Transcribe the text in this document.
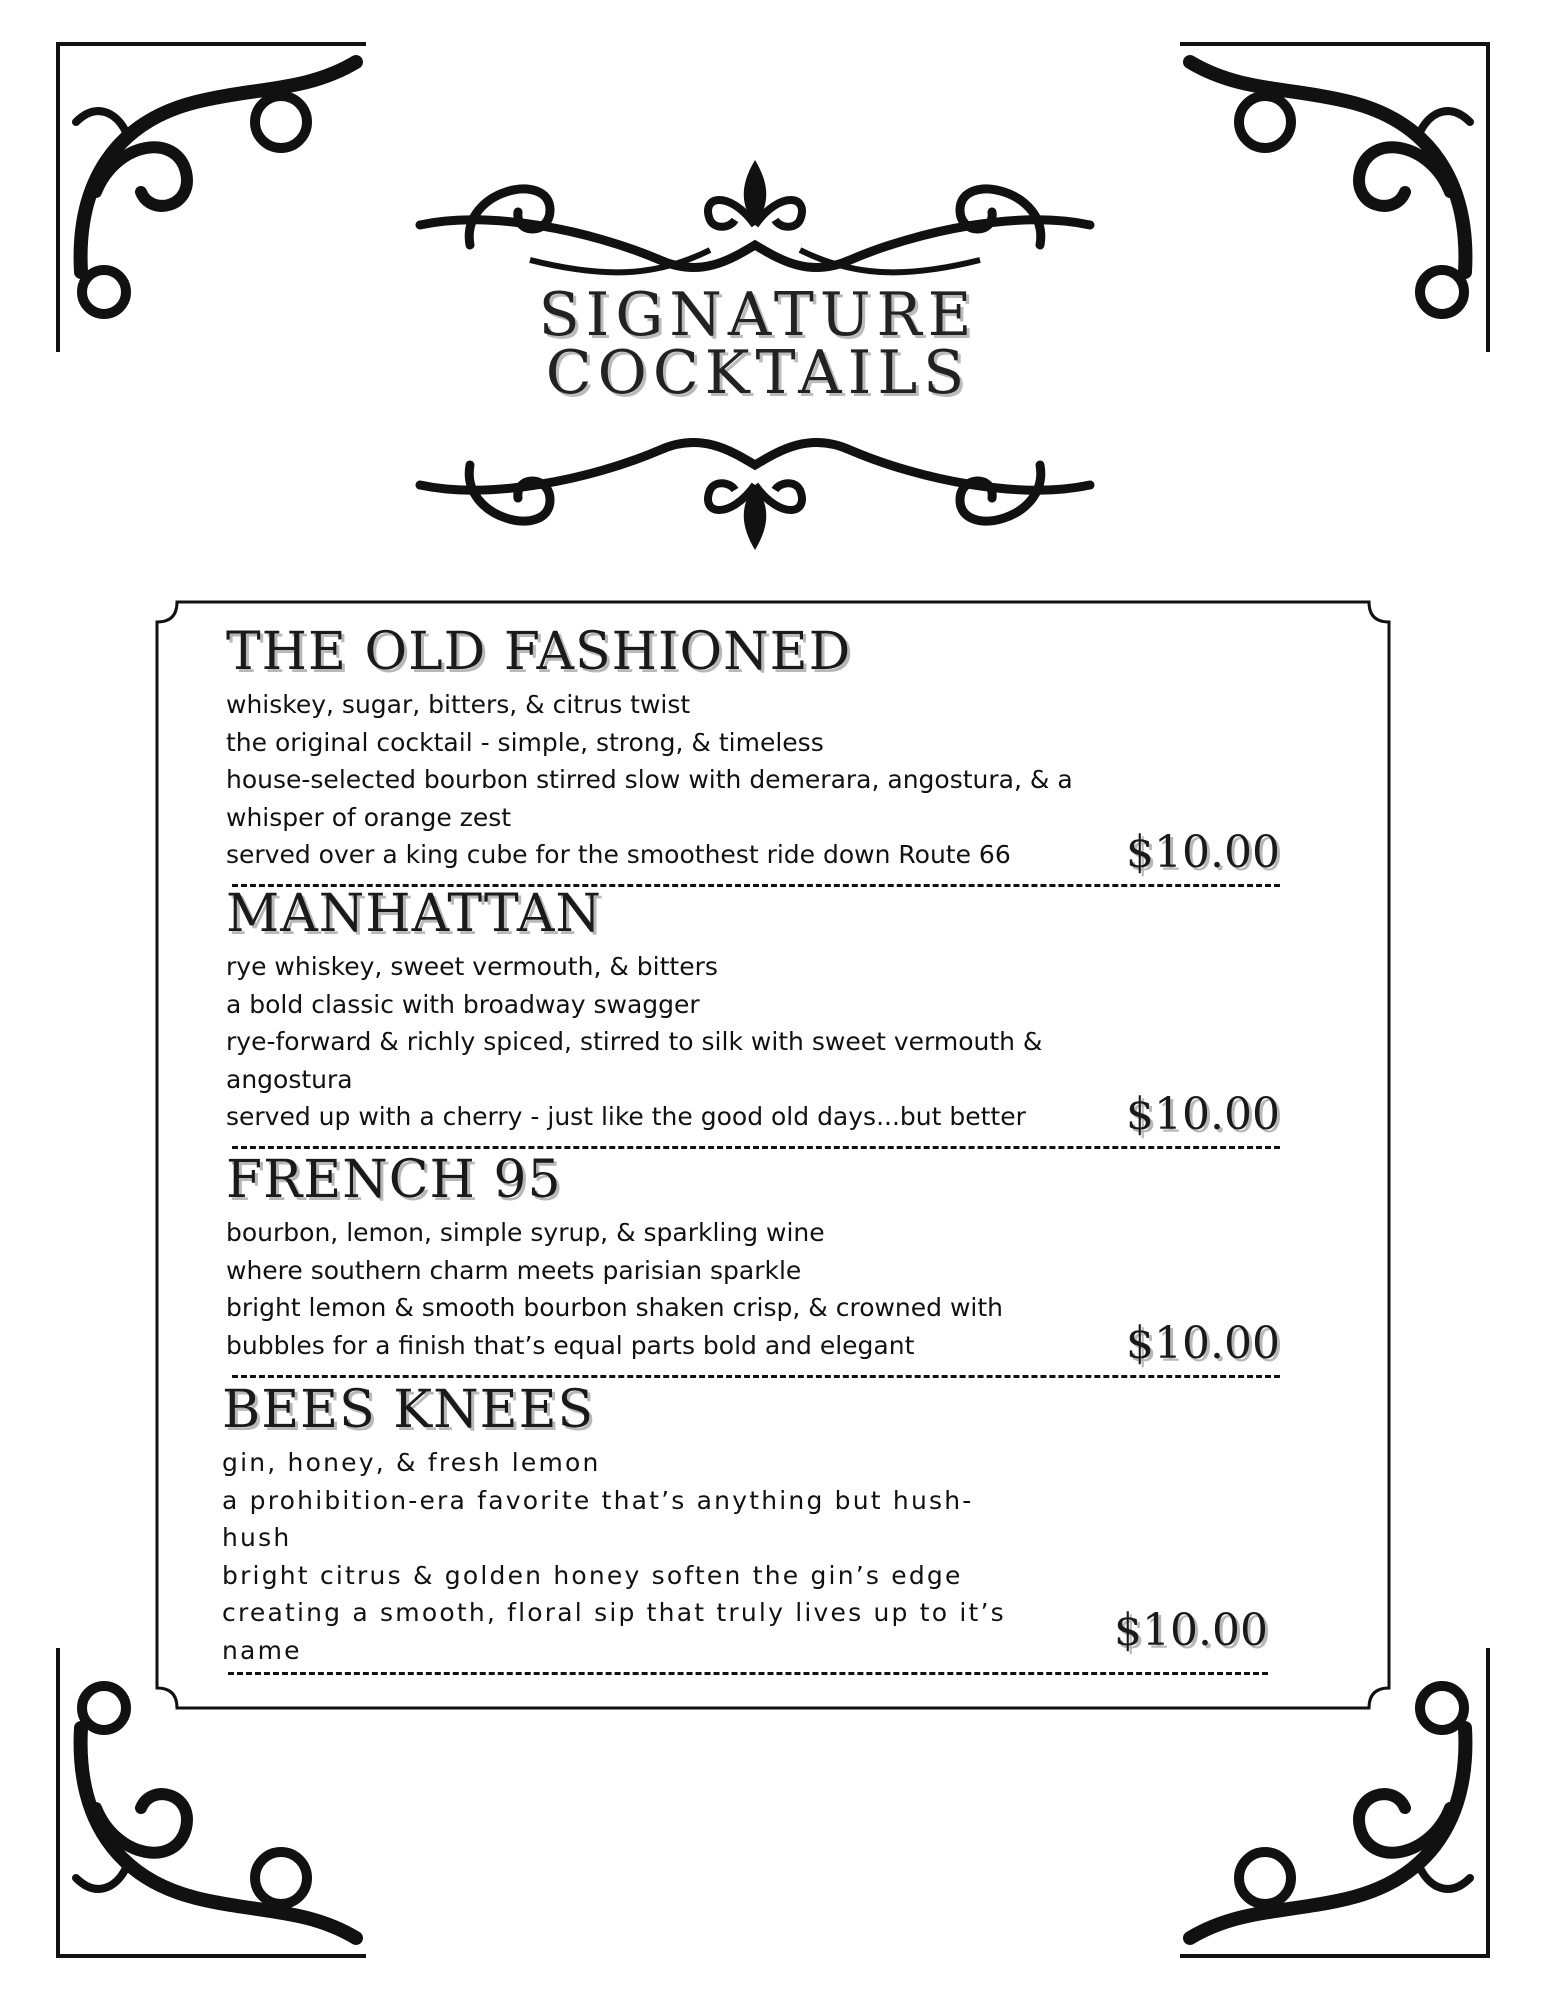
SIGNATURE
COCKTAILS
THE OLD FASHIONED
whiskey, sugar, bitters, & citrus twist
the original cocktail - simple, strong, & timeless
house-selected bourbon stirred slow with demerara, angostura, & a whisper of orange zest
served over a king cube for the smoothest ride down Route 66	$10.00
MANHATTAN
rye whiskey, sweet vermouth, & bitters
a bold classic with broadway swagger
rye-forward & richly spiced, stirred to silk with sweet vermouth & angostura
served up with a cherry - just like the good old days...but better	$10.00
FRENCH 95
bourbon, lemon, simple syrup, & sparkling wine
where southern charm meets parisian sparkle
bright lemon & smooth bourbon shaken crisp, & crowned with bubbles for a finish that’s equal parts bold and elegant	$10.00
BEES KNEES
gin, honey, & fresh lemon
a prohibition-era favorite that’s anything but hush-hush
bright citrus & golden honey soften the gin’s edge creating a smooth, floral sip that truly lives up to it’s name	$10.00
